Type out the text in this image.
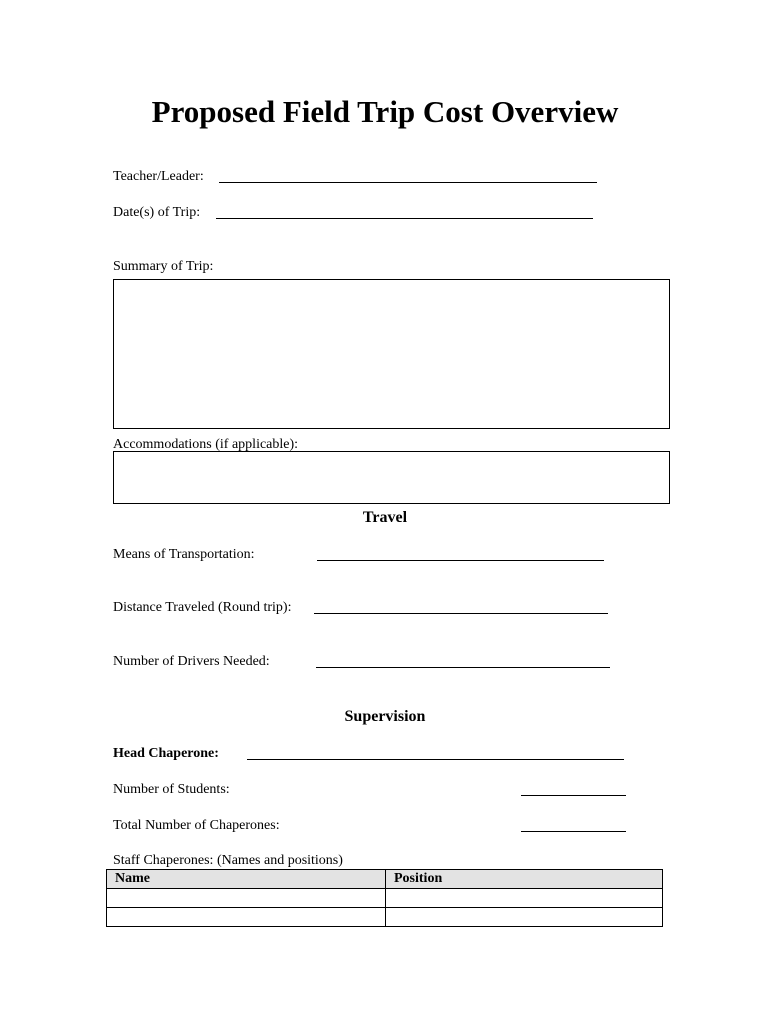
Proposed Field Trip Cost Overview
Teacher/Leader:
Date(s) of Trip:
Summary of Trip:
Accommodations (if applicable):
Travel
Means of Transportation:
Distance Traveled (Round trip):
Number of Drivers Needed:
Supervision
Head Chaperone:
Number of Students:
Total Number of Chaperones:
Staff Chaperones: (Names and positions)
Name	Position
